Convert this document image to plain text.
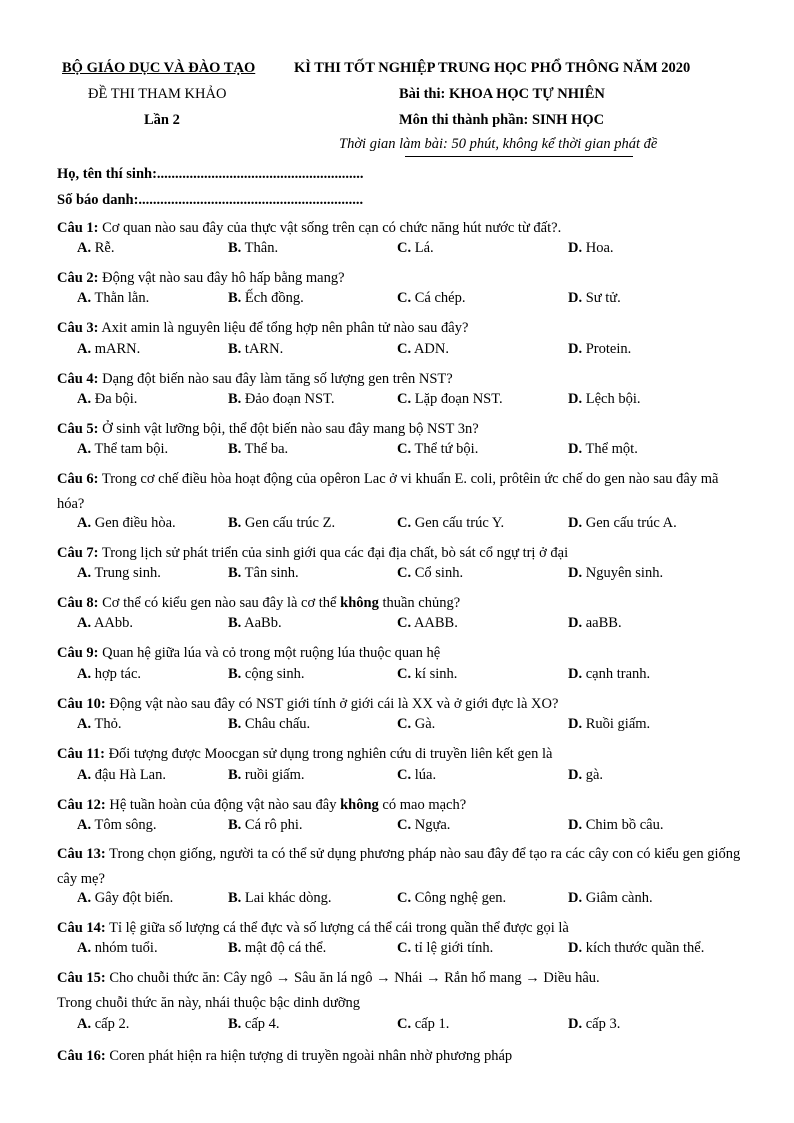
BỘ GIÁO DỤC VÀ ĐÀO TẠO
ĐỀ THI THAM KHẢO
Lần 2
KÌ THI TỐT NGHIỆP TRUNG HỌC PHỔ THÔNG NĂM 2020
Bài thi: KHOA HỌC TỰ NHIÊN
Môn thi thành phần: SINH HỌC
Thời gian làm bài: 50 phút, không kể thời gian phát đề
Họ, tên thí sinh:.........................................................
Số báo danh:..............................................................
Câu 1: Cơ quan nào sau đây của thực vật sống trên cạn có chức năng hút nước từ đất?.
A. Rễ.	B. Thân.	C. Lá.	D. Hoa.
Câu 2: Động vật nào sau đây hô hấp bằng mang?
A. Thằn lằn.	B. Ếch đồng.	C. Cá chép.	D. Sư tử.
Câu 3: Axit amin là nguyên liệu để tổng hợp nên phân tử nào sau đây?
A. mARN.	B. tARN.	C. ADN.	D. Protein.
Câu 4: Dạng đột biến nào sau đây làm tăng số lượng gen trên NST?
A. Đa bội.	B. Đảo đoạn NST.	C. Lặp đoạn NST.	D. Lệch bội.
Câu 5: Ở sinh vật lưỡng bội, thể đột biến nào sau đây mang bộ NST 3n?
A. Thể tam bội.	B. Thể ba.	C. Thể tứ bội.	D. Thể một.
Câu 6: Trong cơ chế điều hòa hoạt động của opêron Lac ở vi khuẩn E. coli, prôtêin ức chế do gen nào sau đây mã hóa?
A. Gen điều hòa.	B. Gen cấu trúc Z.	C. Gen cấu trúc Y.	D. Gen cấu trúc A.
Câu 7: Trong lịch sử phát triển của sinh giới qua các đại địa chất, bò sát cổ ngự trị ở đại
A. Trung sinh.	B. Tân sinh.	C. Cổ sinh.	D. Nguyên sinh.
Câu 8: Cơ thể có kiểu gen nào sau đây là cơ thể không thuần chủng?
A. AAbb.	B. AaBb.	C. AABB.	D. aaBB.
Câu 9: Quan hệ giữa lúa và cỏ trong một ruộng lúa thuộc quan hệ
A. hợp tác.	B. cộng sinh.	C. kí sinh.	D. cạnh tranh.
Câu 10: Động vật nào sau đây có NST giới tính ở giới cái là XX và ở giới đực là XO?
A. Thỏ.	B. Châu chấu.	C. Gà.	D. Ruồi giấm.
Câu 11: Đối tượng được Moocgan sử dụng trong nghiên cứu di truyền liên kết gen là
A. đậu Hà Lan.	B. ruồi giấm.	C. lúa.	D. gà.
Câu 12: Hệ tuần hoàn của động vật nào sau đây không có mao mạch?
A. Tôm sông.	B. Cá rô phi.	C. Ngựa.	D. Chim bồ câu.
Câu 13: Trong chọn giống, người ta có thể sử dụng phương pháp nào sau đây để tạo ra các cây con có kiểu gen giống cây mẹ?
A. Gây đột biến.	B. Lai khác dòng.	C. Công nghệ gen.	D. Giâm cành.
Câu 14: Tỉ lệ giữa số lượng cá thể đực và số lượng cá thể cái trong quần thể được gọi là
A. nhóm tuổi.	B. mật độ cá thể.	C. tỉ lệ giới tính.	D. kích thước quần thể.
Câu 15: Cho chuỗi thức ăn: Cây ngô → Sâu ăn lá ngô → Nhái → Rắn hổ mang → Diều hâu.
Trong chuỗi thức ăn này, nhái thuộc bậc dinh dưỡng
A. cấp 2.	B. cấp 4.	C. cấp 1.	D. cấp 3.
Câu 16: Coren phát hiện ra hiện tượng di truyền ngoài nhân nhờ phương pháp
